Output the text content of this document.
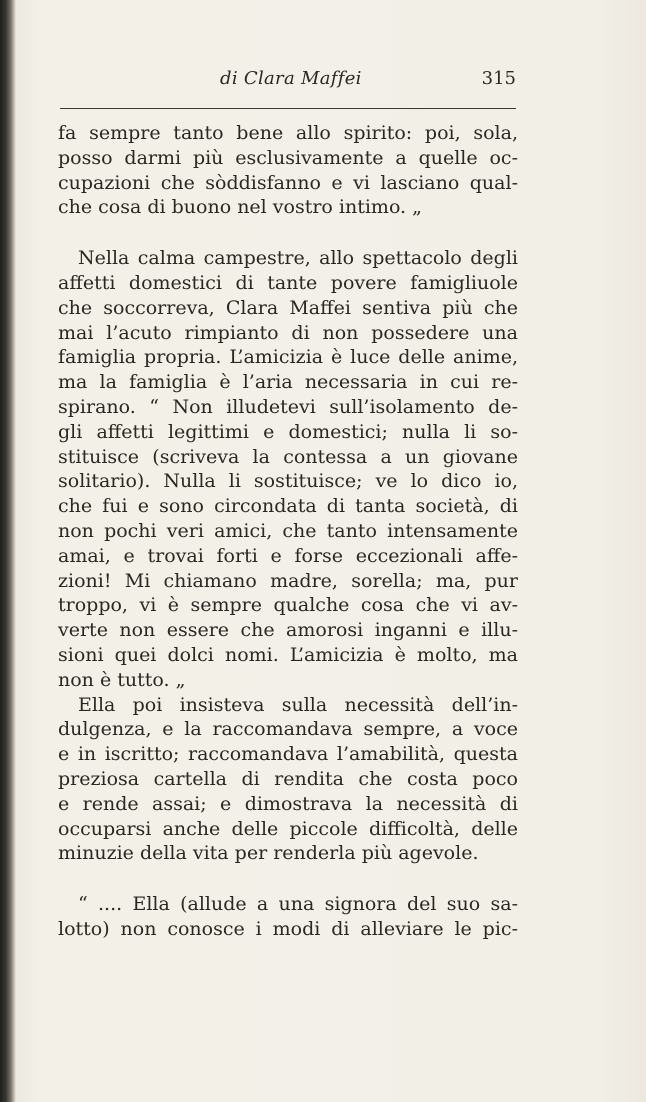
di Clara Maffei	315
fa sempre tanto bene allo spirito: poi, sola,
posso darmi più esclusivamente a quelle oc-
cupazioni che sòddisfanno e vi lasciano qual-
che cosa di buono nel vostro intimo. „
Nella calma campestre, allo spettacolo degli
affetti domestici di tante povere famigliuole
che soccorreva, Clara Maffei sentiva più che
mai l’acuto rimpianto di non possedere una
famiglia propria. L’amicizia è luce delle anime,
ma la famiglia è l’aria necessaria in cui re-
spirano. “ Non illudetevi sull’isolamento de-
gli affetti legittimi e domestici; nulla li so-
stituisce (scriveva la contessa a un giovane
solitario). Nulla li sostituisce; ve lo dico io,
che fui e sono circondata di tanta società, di
non pochi veri amici, che tanto intensamente
amai, e trovai forti e forse eccezionali affe-
zioni! Mi chiamano madre, sorella; ma, pur
troppo, vi è sempre qualche cosa che vi av-
verte non essere che amorosi inganni e illu-
sioni quei dolci nomi. L’amicizia è molto, ma
non è tutto. „
Ella poi insisteva sulla necessità dell’in-
dulgenza, e la raccomandava sempre, a voce
e in iscritto; raccomandava l’amabilità, questa
preziosa cartella di rendita che costa poco
e rende assai; e dimostrava la necessità di
occuparsi anche delle piccole difficoltà, delle
minuzie della vita per renderla più agevole.
“ .... Ella (allude a una signora del suo sa-
lotto) non conosce i modi di alleviare le pic-
